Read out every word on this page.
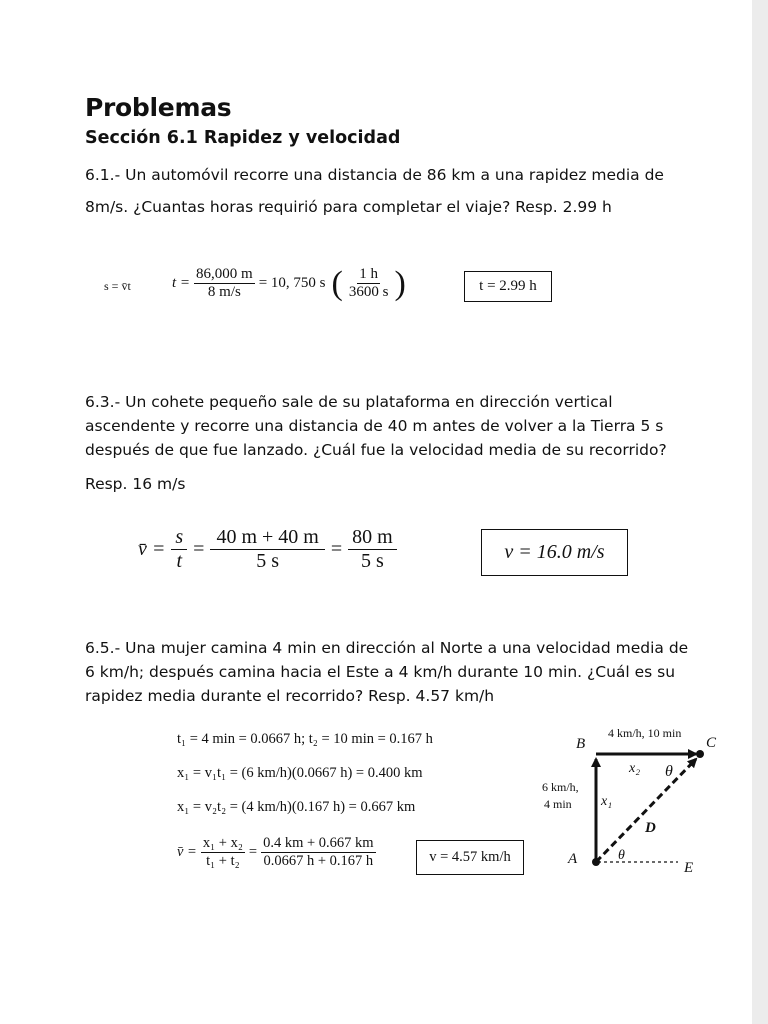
Problemas
Sección 6.1 Rapidez y velocidad
6.1.- Un automóvil recorre una distancia de 86 km a una rapidez media de
8m/s. ¿Cuantas horas requirió para completar el viaje? Resp. 2.99 h
s = v̄t	$t = \frac{86,000 m}{8 m/s} = 10$, 750 s ( $\frac{1 h}{3600 s}$ )	t = 2.99 h
6.3.- Un cohete pequeño sale de su plataforma en dirección vertical
ascendente y recorre una distancia de 40 m antes de volver a la Tierra 5 s
después de que fue lanzado. ¿Cuál fue la velocidad media de su recorrido?
Resp. 16 m/s
v̄ = $\frac{s}{t} = \frac{40 m + 40 m}{5 s} = \frac{80 m}{5 s}$	v = 16.0 m/s
6.5.- Una mujer camina 4 min en dirección al Norte a una velocidad media de
6 km/h; después camina hacia el Este a 4 km/h durante 10 min. ¿Cuál es su
rapidez media durante el recorrido? Resp. 4.57 km/h
t₁ = 4 min = 0.0667 h; t₂ = 10 min = 0.167 h
x₁ = v₁t₁ = (6 km/h)(0.0667 h) = 0.400 km
x₁ = v₂t₂ = (4 km/h)(0.167 h) = 0.667 km
v̄ = $\frac{\text{x₁ + x₂}}{\text{t₁ + t₂}} = \frac{0.4 km + 0.667 km}{0.0667 h + 0.167 h}$	v = 4.57 km/h
B	C
A
E
D
4 km/h, 10 min
6 km/h,
4 min x₁
x₂ θ
θ
